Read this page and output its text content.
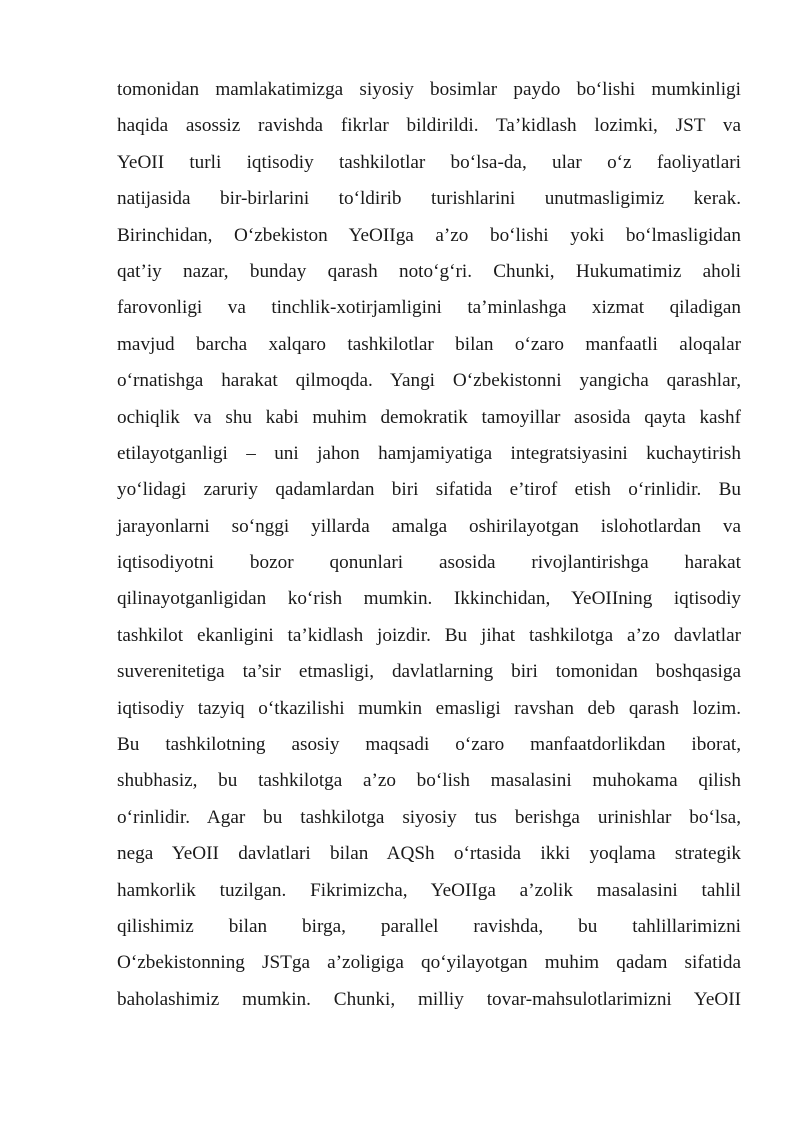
tomonidan mamlakatimizga siyosiy bosimlar paydo bo‘lishi mumkinligi
haqida asossiz ravishda fikrlar bildirildi. Ta’kidlash lozimki, JST va
YeOII turli iqtisodiy tashkilotlar bo‘lsa-da, ular o‘z faoliyatlari
natijasida bir-birlarini to‘ldirib turishlarini unutmasligimiz kerak.
Birinchidan, O‘zbekiston YeOIIga a’zo bo‘lishi yoki bo‘lmasligidan
qat’iy nazar, bunday qarash noto‘g‘ri. Chunki, Hukumatimiz aholi
farovonligi va tinchlik-xotirjamligini ta’minlashga xizmat qiladigan
mavjud barcha xalqaro tashkilotlar bilan o‘zaro manfaatli aloqalar
o‘rnatishga harakat qilmoqda. Yangi O‘zbekistonni yangicha qarashlar,
ochiqlik va shu kabi muhim demokratik tamoyillar asosida qayta kashf
etilayotganligi – uni jahon hamjamiyatiga integratsiyasini kuchaytirish
yo‘lidagi zaruriy qadamlardan biri sifatida e’tirof etish o‘rinlidir. Bu
jarayonlarni so‘nggi yillarda amalga oshirilayotgan islohotlardan va
iqtisodiyotni bozor qonunlari asosida rivojlantirishga harakat
qilinayotganligidan ko‘rish mumkin. Ikkinchidan, YeOIIning iqtisodiy
tashkilot ekanligini ta’kidlash joizdir. Bu jihat tashkilotga a’zo davlatlar
suverenitetiga ta’sir etmasligi, davlatlarning biri tomonidan boshqasiga
iqtisodiy tazyiq o‘tkazilishi mumkin emasligi ravshan deb qarash lozim.
Bu tashkilotning asosiy maqsadi o‘zaro manfaatdorlikdan iborat,
shubhasiz, bu tashkilotga a’zo bo‘lish masalasini muhokama qilish
o‘rinlidir. Agar bu tashkilotga siyosiy tus berishga urinishlar bo‘lsa,
nega YeOII davlatlari bilan AQSh o‘rtasida ikki yoqlama strategik
hamkorlik tuzilgan. Fikrimizcha, YeOIIga a’zolik masalasini tahlil
qilishimiz bilan birga, parallel ravishda, bu tahlillarimizni
O‘zbekistonning JSTga a’zoligiga qo‘yilayotgan muhim qadam sifatida
baholashimiz mumkin. Chunki, milliy tovar-mahsulotlarimizni YeOII
